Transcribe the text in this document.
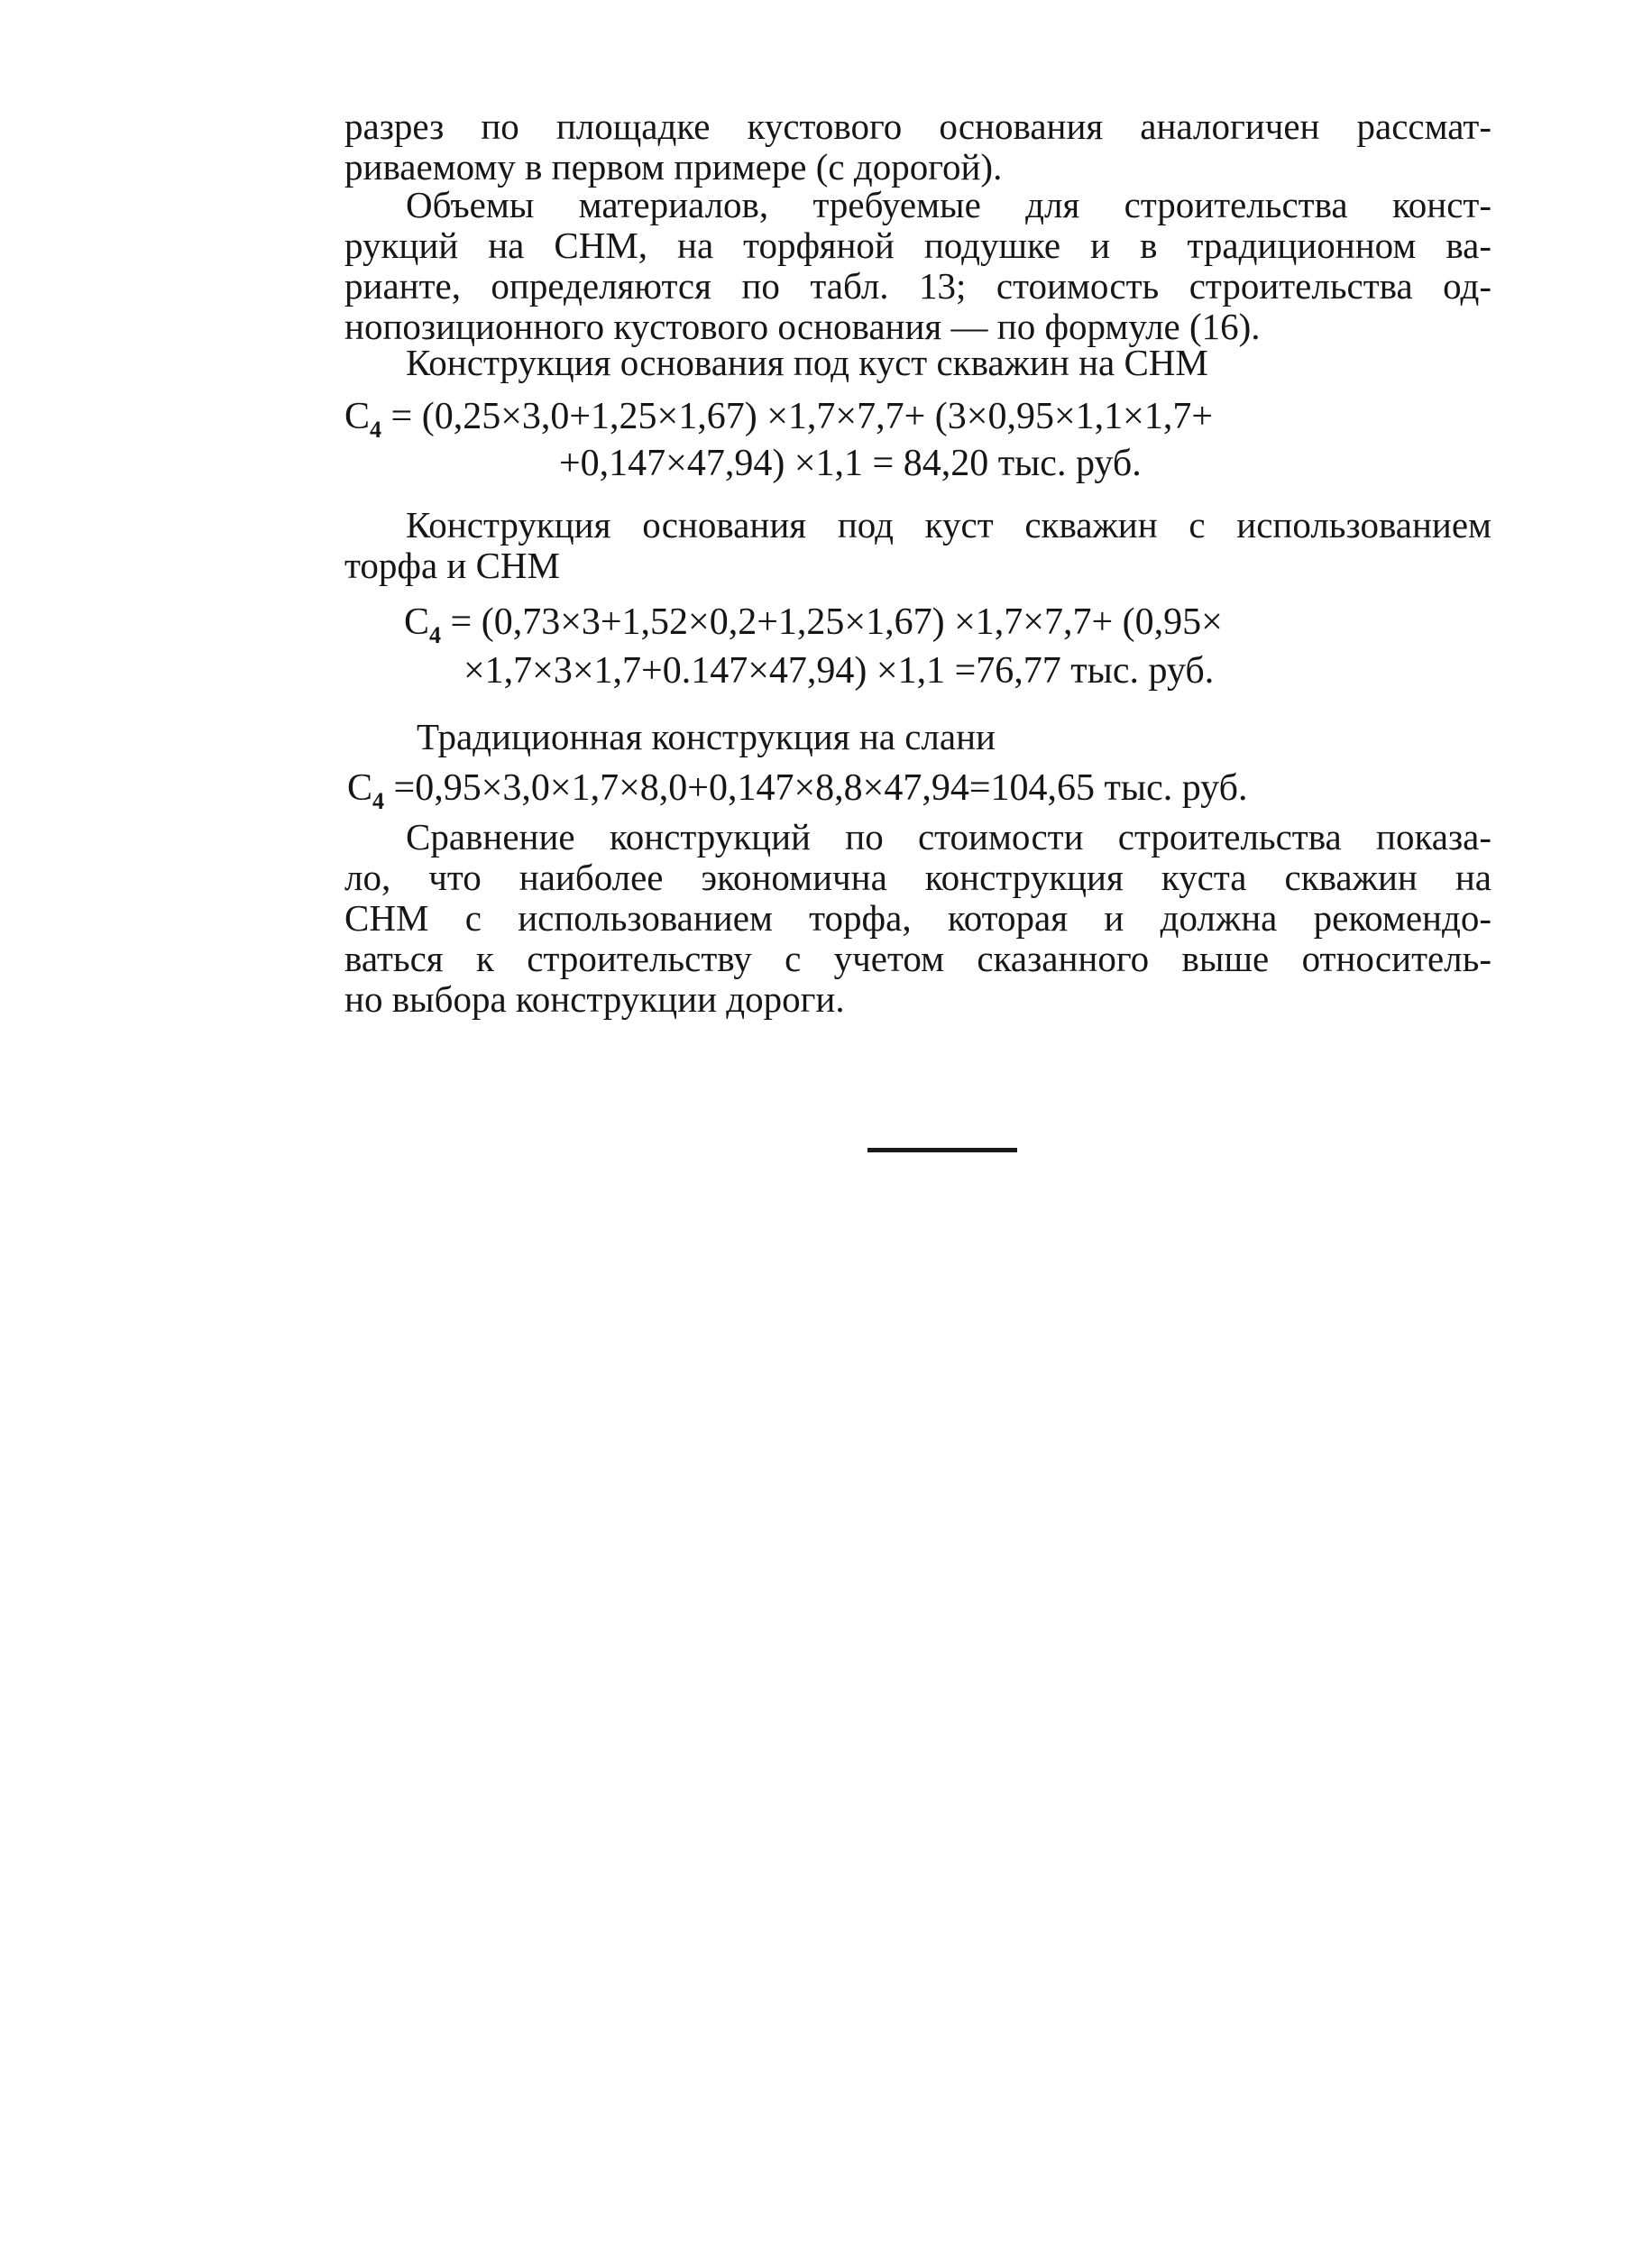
разрез по площадке кустового основания аналогичен рассмат-
риваемому в первом примере (с дорогой).
Объемы материалов, требуемые для строительства конст-
рукций на СНМ, на торфяной подушке и в традиционном ва-
рианте, определяются по табл. 13; стоимость строительства од-
нопозиционного кустового основания — по формуле (16).
Конструкция основания под куст скважин на СНМ
$C_4 = (0,25\times 3,0+1,25\times 1,67) \times 1,7\times 7,7+ (3\times 0,95\times 1,1\times 1,7+$
+0,147×47,94) ×1,1 = 84,20 тыс. руб.
Конструкция основания под куст скважин с использованием
торфа и СНМ
$C_4 = (0,73\times 3+1,52\times 0,2+1,25\times 1,67) \times 1,7\times 7,7+ (0,95\times$
×1,7×3×1,7+0.147×47,94) ×1,1 =76,77 тыс. руб.
Традиционная конструкция на слани
$C_4 =0,95\times 3,0\times 1,7\times 8,0+0,147\times 8,8\times 47,94=104,65$ тыс. руб.
Сравнение конструкций по стоимости строительства показа-
ло, что наиболее экономична конструкция куста скважин на
СНМ с использованием торфа, которая и должна рекомендо-
ваться к строительству с учетом сказанного выше относитель-
но выбора конструкции дороги.
